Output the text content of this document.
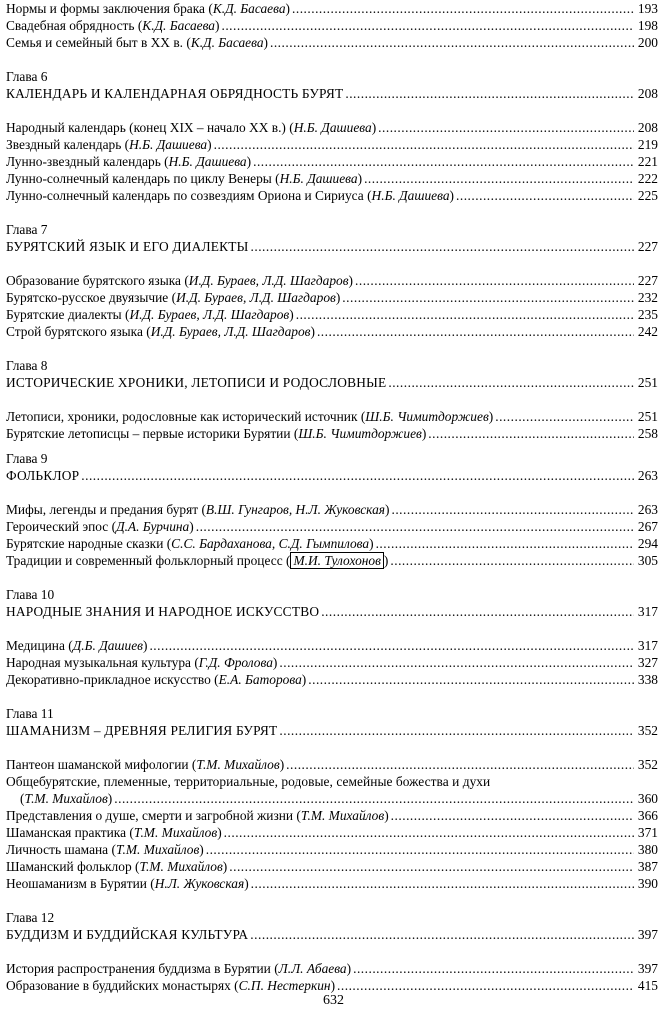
Нормы и формы заключения брака (К.Д. Басаева) .....	193
Свадебная обрядность (К.Д. Басаева) .....	198
Семья и семейный быт в XX в. (К.Д. Басаева) .....	200
Глава 6
КАЛЕНДАРЬ И КАЛЕНДАРНАЯ ОБРЯДНОСТЬ БУРЯТ .....	208
Народный календарь (конец XIX – начало XX в.) (Н.Б. Дашиева) .....	208
Звездный календарь (Н.Б. Дашиева) .....	219
Лунно-звездный календарь (Н.Б. Дашиева) .....	221
Лунно-солнечный календарь по циклу Венеры (Н.Б. Дашиева) .....	222
Лунно-солнечный календарь по созвездиям Ориона и Сириуса (Н.Б. Дашиева) .....	225
Глава 7
БУРЯТСКИЙ ЯЗЫК И ЕГО ДИАЛЕКТЫ .....	227
Образование бурятского языка (И.Д. Бураев, Л.Д. Шагдаров) .....	227
Бурятско-русское двуязычие (И.Д. Бураев, Л.Д. Шагдаров) .....	232
Бурятские диалекты (И.Д. Бураев, Л.Д. Шагдаров) .....	235
Строй бурятского языка (И.Д. Бураев, Л.Д. Шагдаров) .....	242
Глава 8
ИСТОРИЧЕСКИЕ ХРОНИКИ, ЛЕТОПИСИ И РОДОСЛОВНЫЕ .....	251
Летописи, хроники, родословные как исторический источник (Ш.Б. Чимитдоржиев) .....	251
Бурятские летописцы – первые историки Бурятии (Ш.Б. Чимитдоржиев) .....	258
Глава 9
ФОЛЬКЛОР .....	263
Мифы, легенды и предания бурят (В.Ш. Гунгаров, Н.Л. Жуковская) .....	263
Героический эпос (Д.А. Бурчина) .....	267
Бурятские народные сказки (С.С. Бардаханова, С.Д. Гымпилова) .....	294
Традиции и современный фольклорный процесс ( М.И. Тулохонов ) .....	305
Глава 10
НАРОДНЫЕ ЗНАНИЯ И НАРОДНОЕ ИСКУССТВО .....	317
Медицина (Д.Б. Дашиев) .....	317
Народная музыкальная культура (Г.Д. Фролова) .....	327
Декоративно-прикладное искусство (Е.А. Баторова) .....	338
Глава 11
ШАМАНИЗМ – ДРЕВНЯЯ РЕЛИГИЯ БУРЯТ .....	352
Пантеон шаманской мифологии (Т.М. Михайлов) .....	352
Общебурятские, племенные, территориальные, родовые, семейные божества и духи
(Т.М. Михайлов) .....	360
Представления о душе, смерти и загробной жизни (Т.М. Михайлов) .....	366
Шаманская практика (Т.М. Михайлов) .....	371
Личность шамана (Т.М. Михайлов) .....	380
Шаманский фольклор (Т.М. Михайлов) .....	387
Неошаманизм в Бурятии (Н.Л. Жуковская) .....	390
Глава 12
БУДДИЗМ И БУДДИЙСКАЯ КУЛЬТУРА .....	397
История распространения буддизма в Бурятии (Л.Л. Абаева) .....	397
Образование в буддийских монастырях (С.П. Нестеркин) .....	415
632
